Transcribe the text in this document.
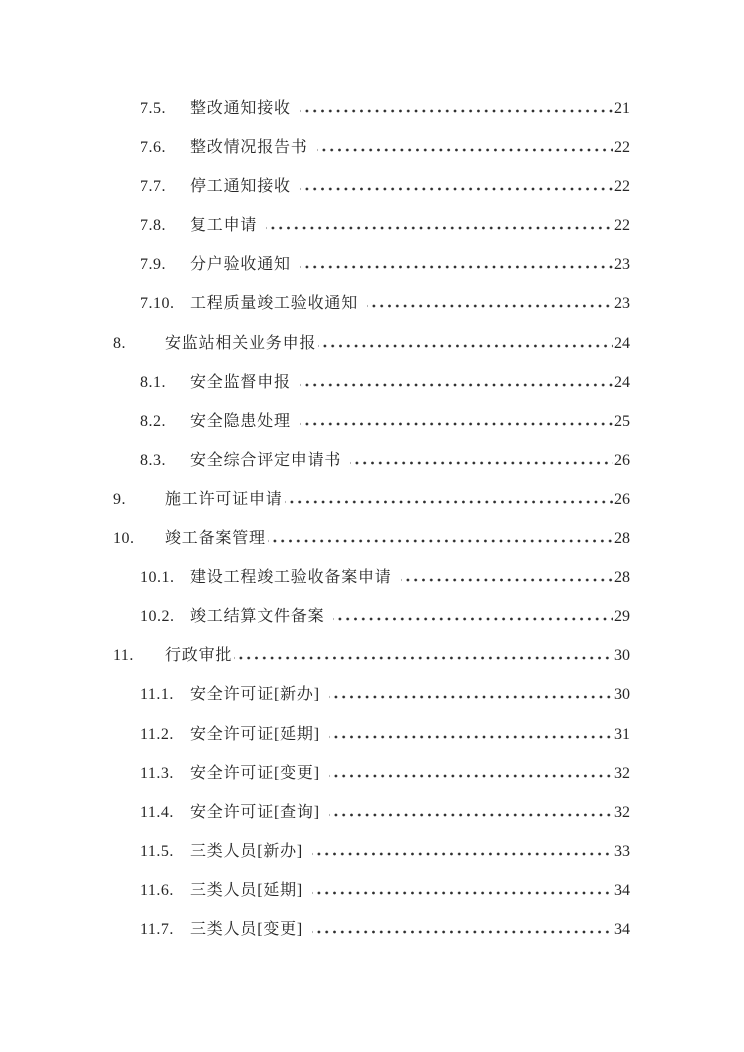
7.5.	整改通知接收	21
7.6.	整改情况报告书	22
7.7.	停工通知接收	22
7.8.	复工申请	22
7.9.	分户验收通知	23
7.10. 工程质量竣工验收通知	23
8.	安监站相关业务申报	24
8.1.	安全监督申报	24
8.2.	安全隐患处理	25
8.3.	安全综合评定申请书	26
9.	施工许可证申请	26
10.	竣工备案管理	28
10.1. 建设工程竣工验收备案申请	28
10.2. 竣工结算文件备案	29
11.	行政审批	30
11.1.	安全许可证[新办]	30
11.2.	安全许可证[延期]	31
11.3.	安全许可证[变更]	32
11.4.	安全许可证[查询]	32
11.5.	三类人员[新办]	33
11.6.	三类人员[延期]	34
11.7.	三类人员[变更]	34
